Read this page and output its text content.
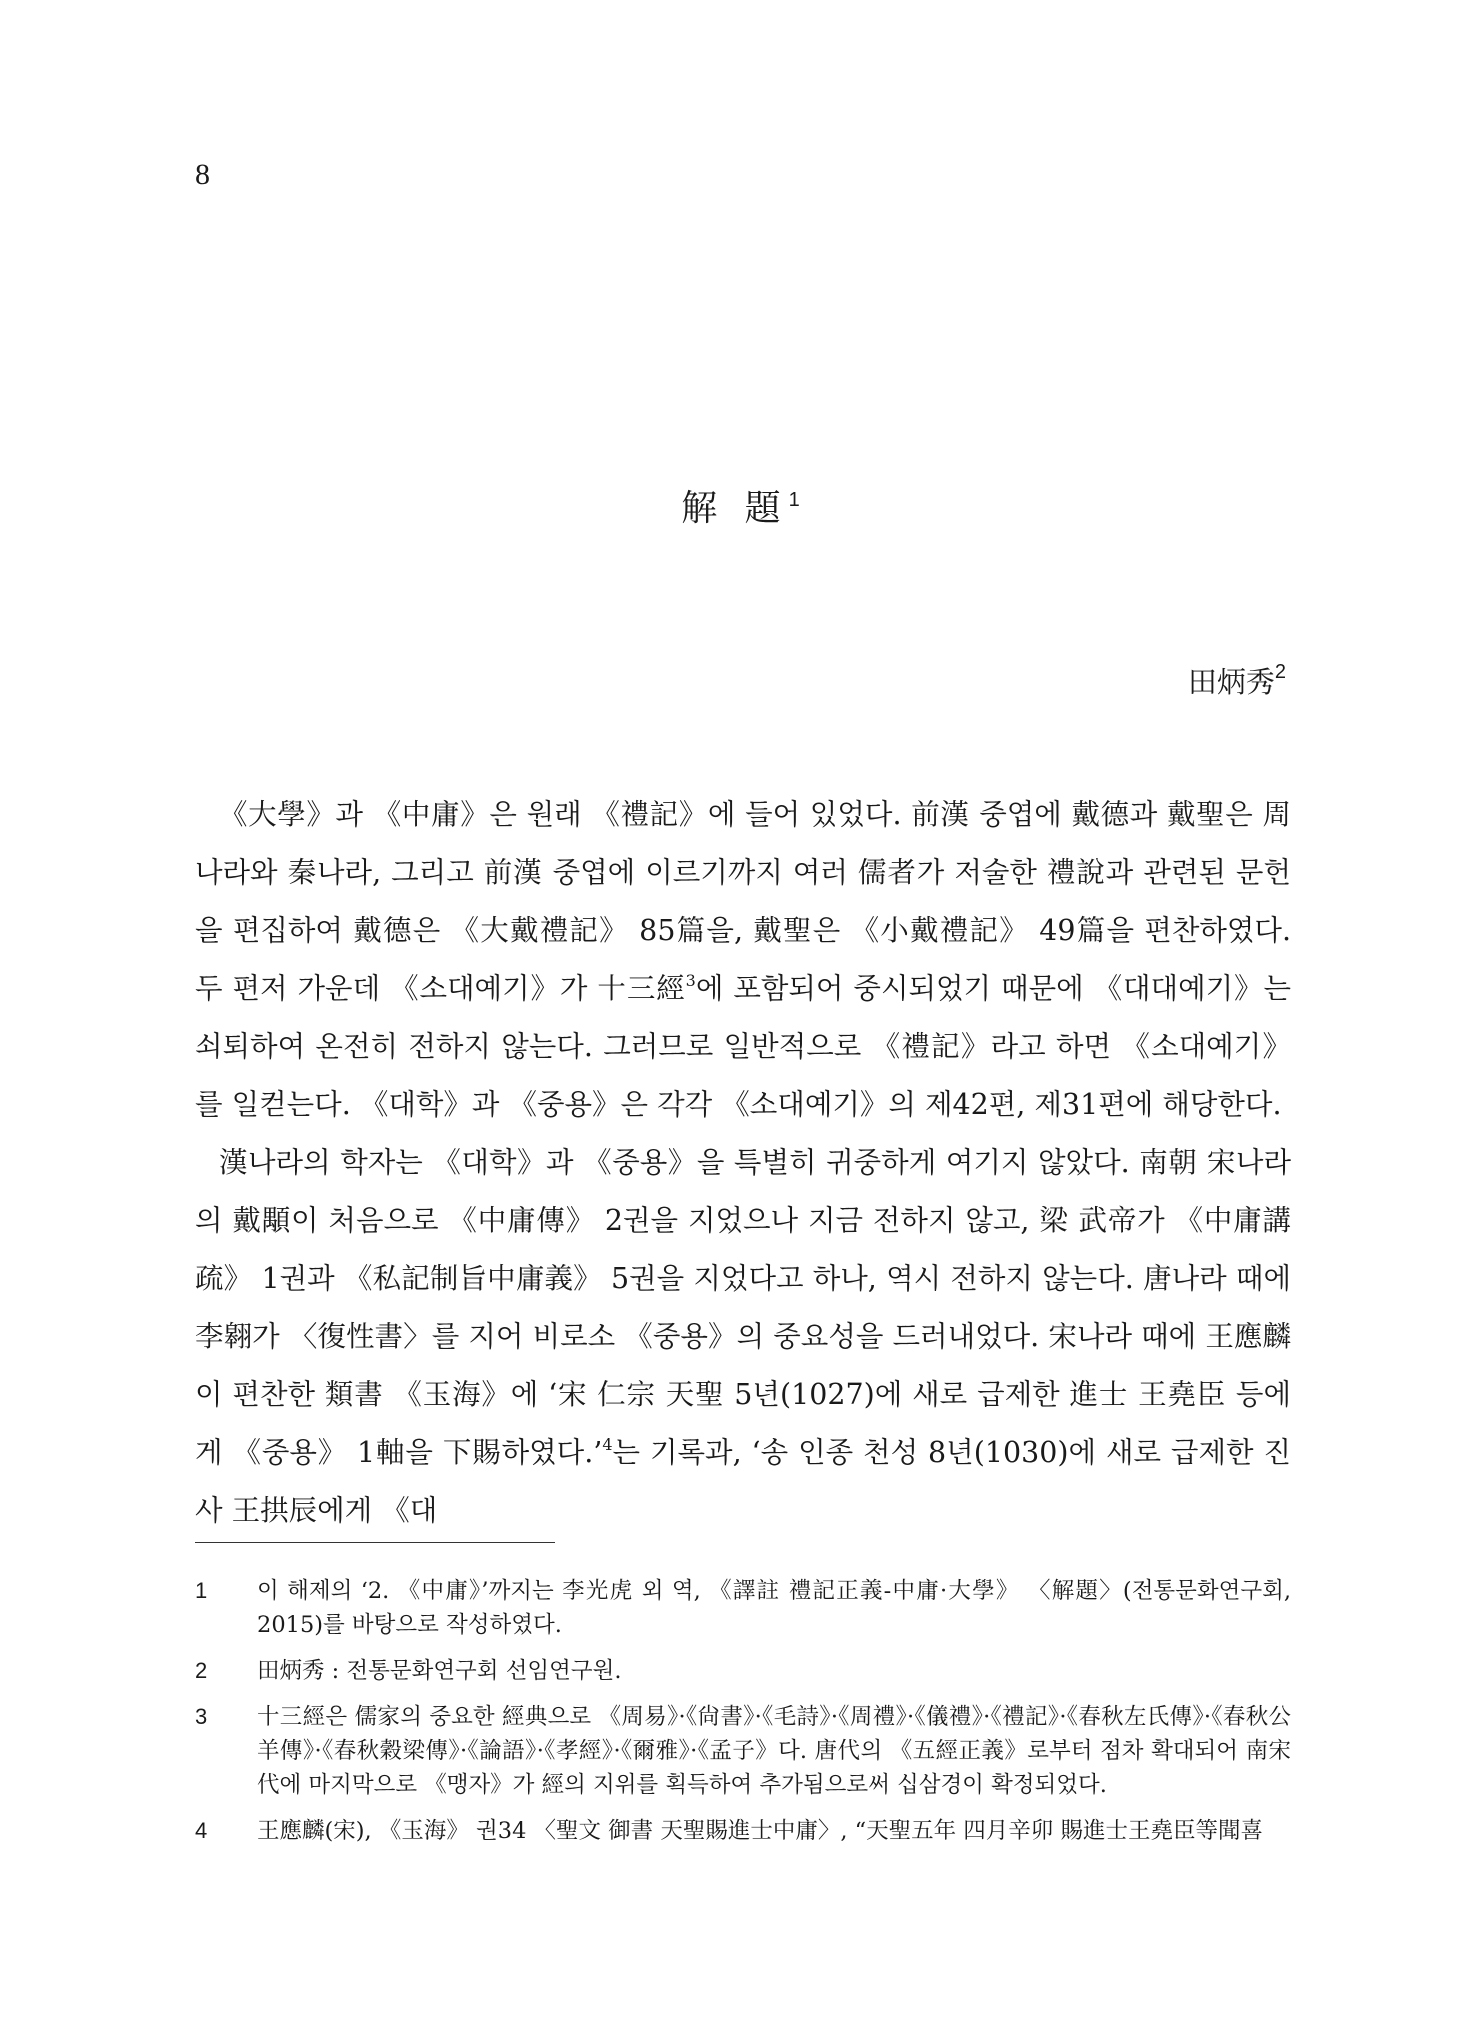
8
解 題$^1$
田炳秀$^2$

《大學》과 《中庸》은 원래 《禮記》에 들어 있었다. 前漢 중엽에 戴德과 戴聖은 周나라와 秦나라, 그리고 前漢 중엽에 이르기까지 여러 儒者가 저술한 禮說과 관련된 문헌을 편집하여 戴德은 《大戴禮記》 85篇을, 戴聖은 《小戴禮記》 49篇을 편찬하였다. 두 편저 가운데 《소대예기》가 十三經$^3$에 포함되어 중시되었기 때문에 《대대예기》는 쇠퇴하여 온전히 전하지 않는다. 그러므로 일반적으로 《禮記》라고 하면 《소대예기》를 일컫는다. 《대학》과 《중용》은 각각 《소대예기》의 제42편, 제31편에 해당한다.

漢나라의 학자는 《대학》과 《중용》을 특별히 귀중하게 여기지 않았다. 南朝 宋나라의 戴顒이 처음으로 《中庸傳》 2권을 지었으나 지금 전하지 않고, 梁 武帝가 《中庸講疏》 1권과 《私記制旨中庸義》 5권을 지었다고 하나, 역시 전하지 않는다. 唐나라 때에 李翱가 〈復性書〉를 지어 비로소 《중용》의 중요성을 드러내었다. 宋나라 때에 王應麟이 편찬한 類書 《玉海》에 ‘宋 仁宗 天聖 5년(1027)에 새로 급제한 進士 王堯臣 등에게 《중용》 1軸을 下賜하였다.’$^4$는 기록과, ‘송 인종 천성 8년(1030)에 새로 급제한 진사 王拱辰에게 《대

1	이 해제의 ‘2. 《中庸》’까지는 李光虎 외 역, 《譯註 禮記正義-中庸·大學》 〈解題〉(전통문화연구회, 2015)를 바탕으로 작성하였다.
2	田炳秀 : 전통문화연구회 선임연구원.
3	十三經은 儒家의 중요한 經典으로 《周易》·《尙書》·《毛詩》·《周禮》·《儀禮》·《禮記》·《春秋左氏傳》·《春秋公羊傳》·《春秋穀梁傳》·《論語》·《孝經》·《爾雅》·《孟子》다. 唐代의 《五經正義》로부터 점차 확대되어 南宋代에 마지막으로 《맹자》가 經의 지위를 획득하여 추가됨으로써 십삼경이 확정되었다.
4	王應麟(宋), 《玉海》 권34 〈聖文 御書 天聖賜進士中庸〉, “天聖五年 四月辛卯 賜進士王堯臣等聞喜
